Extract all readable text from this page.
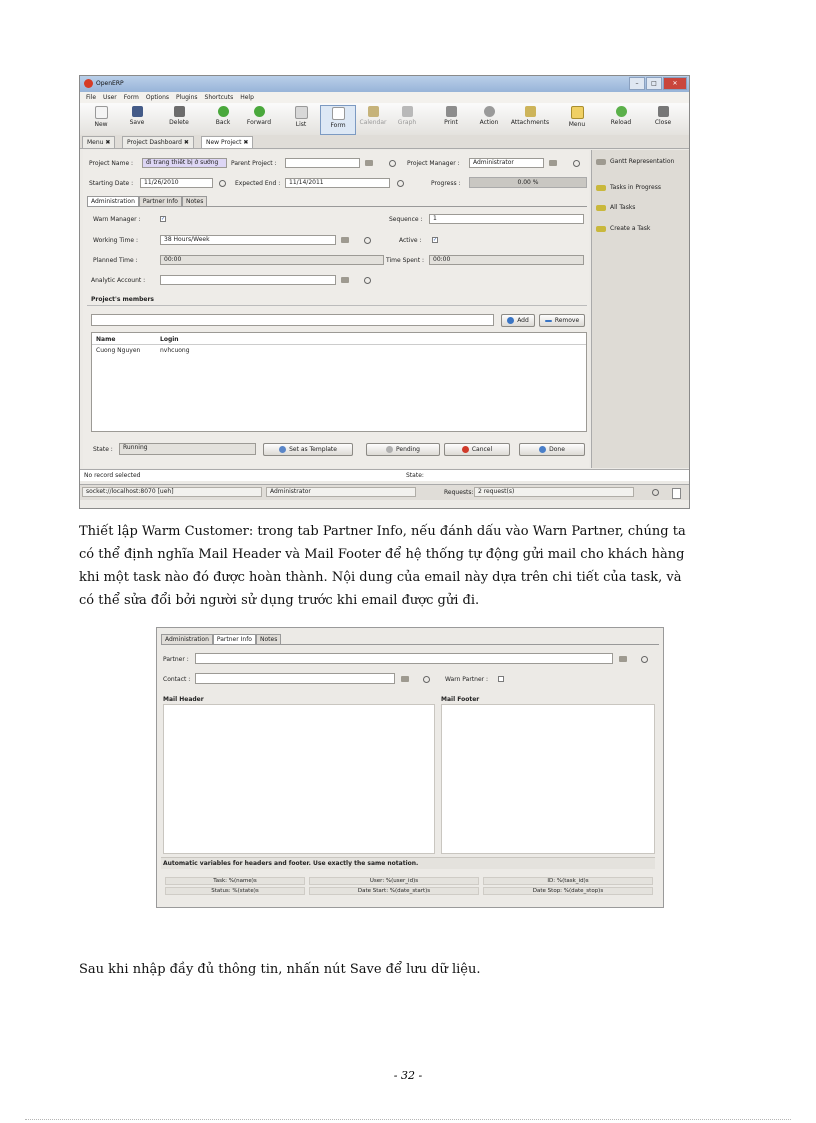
OpenERP	–	□	✕
File User Form Options Plugins Shortcuts Help
New	Save	Delete	Back	Forward	List	Form	Calendar	Graph	Print	Action	Attachments	Menu	Reload	Close
Menu ✖	Project Dashboard ✖	New Project ✖
Project Name :	đi trang thiết bị ở sướng	Parent Project :	Project Manager :	Administrator
Starting Date :	11/26/2010	Expected End :	11/14/2011	Progress :	0.00 %
Administration	Partner Info	Notes
Warn Manager :	✓	Sequence :	1
Working Time :	38 Hours/Week	Active : ✓
Planned Time :	00:00	Time Spent :	00:00
Analytic Account :
Project's members
Add	Remove
Name	Login
Cuong Nguyen	nvhcuong
State :	Running	Set as Template	Pending	Cancel	Done
Gantt Representation
Tasks in Progress
All Tasks
Create a Task
No record selected	State:
socket://localhost:8070 [ueh]	Administrator	Requests: 2 request(s)
Thiết lập Warm Customer: trong tab Partner Info, nếu đánh dấu vào Warn Partner, chúng ta
có thể định nghĩa Mail Header và Mail Footer để hệ thống tự động gửi mail cho khách hàng
khi một task nào đó được hoàn thành. Nội dung của email này dựa trên chi tiết của task, và
có thể sửa đổi bởi người sử dụng trước khi email được gửi đi.
Administration	Partner Info	Notes
Partner :
Contact :	Warn Partner :
Mail Header	Mail Footer
Automatic variables for headers and footer. Use exactly the same notation.
Task: %(name)s	User: %(user_id)s	ID: %(task_id)s
Status: %(state)s	Date Start: %(date_start)s	Date Stop: %(date_stop)s
Sau khi nhập đầy đủ thông tin, nhấn nút Save để lưu dữ liệu.
- 32 -
